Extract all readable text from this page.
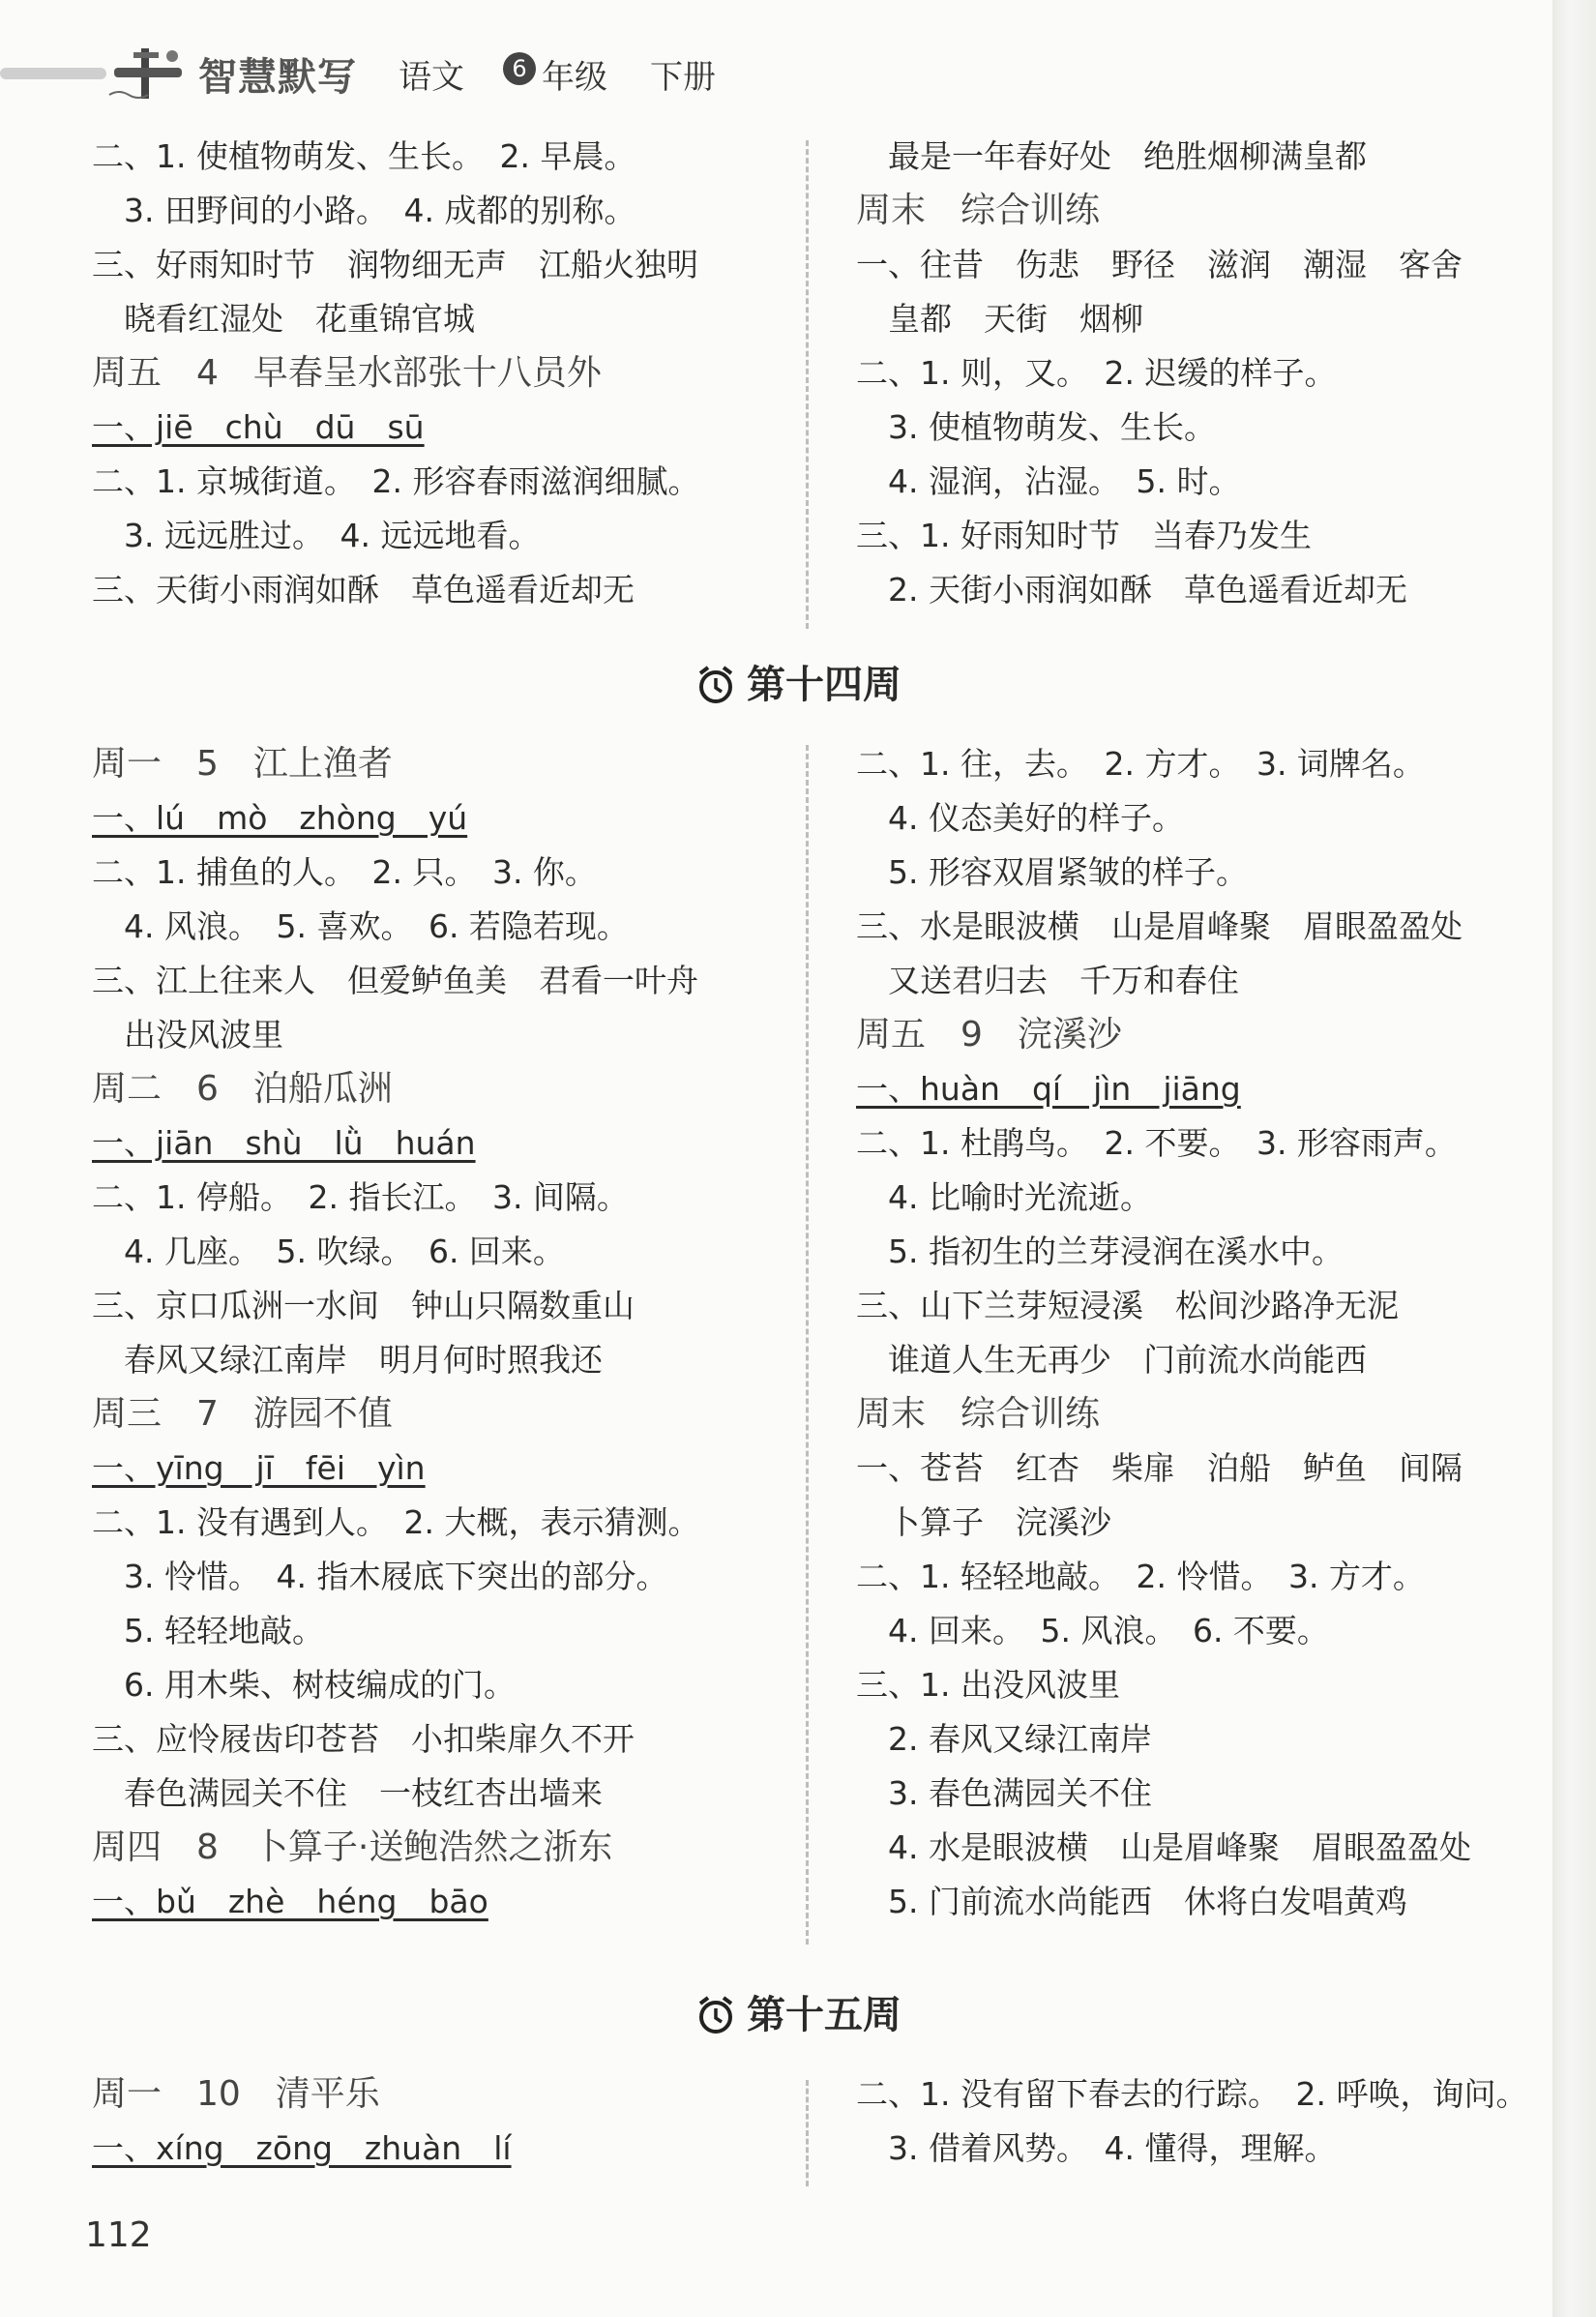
智慧默写 语文	6 年级 下册
二、1. 使植物萌发、生长。　2. 早晨。
　3. 田野间的小路。　4. 成都的别称。
三、好雨知时节　润物细无声　江船火独明
　晓看红湿处　花重锦官城
周五　4　早春呈水部张十八员外
一、jiē　chù　dū　sū
二、1. 京城街道。　2. 形容春雨滋润细腻。
　3. 远远胜过。　4. 远远地看。
三、天街小雨润如酥　草色遥看近却无
　最是一年春好处　绝胜烟柳满皇都
周末　综合训练
一、往昔　伤悲　野径　滋润　潮湿　客舍
　皇都　天街　烟柳
二、1. 则，又。　2. 迟缓的样子。
　3. 使植物萌发、生长。
　4. 湿润，沾湿。　5. 时。
三、1. 好雨知时节　当春乃发生
　2. 天街小雨润如酥　草色遥看近却无
第十四周
周一　5　江上渔者
一、lú　mò　zhòng　yú
二、1. 捕鱼的人。　2. 只。　3. 你。
　4. 风浪。　5. 喜欢。　6. 若隐若现。
三、江上往来人　但爱鲈鱼美　君看一叶舟
　出没风波里
周二　6　泊船瓜洲
一、jiān　shù　lǜ　huán
二、1. 停船。　2. 指长江。　3. 间隔。
　4. 几座。　5. 吹绿。　6. 回来。
三、京口瓜洲一水间　钟山只隔数重山
　春风又绿江南岸　明月何时照我还
周三　7　游园不值
一、yīng　jī　fēi　yìn
二、1. 没有遇到人。　2. 大概，表示猜测。
　3. 怜惜。　4. 指木屐底下突出的部分。
　5. 轻轻地敲。
　6. 用木柴、树枝编成的门。
三、应怜屐齿印苍苔　小扣柴扉久不开
　春色满园关不住　一枝红杏出墙来
周四　8　卜算子·送鲍浩然之浙东
一、bǔ　zhè　héng　bāo
二、1. 往，去。　2. 方才。　3. 词牌名。
　4. 仪态美好的样子。
　5. 形容双眉紧皱的样子。
三、水是眼波横　山是眉峰聚　眉眼盈盈处
　又送君归去　千万和春住
周五　9　浣溪沙
一、huàn　qí　jìn　jiāng
二、1. 杜鹃鸟。　2. 不要。　3. 形容雨声。
　4. 比喻时光流逝。
　5. 指初生的兰芽浸润在溪水中。
三、山下兰芽短浸溪　松间沙路净无泥
　谁道人生无再少　门前流水尚能西
周末　综合训练
一、苍苔　红杏　柴扉　泊船　鲈鱼　间隔
　卜算子　浣溪沙
二、1. 轻轻地敲。　2. 怜惜。　3. 方才。
　4. 回来。　5. 风浪。　6. 不要。
三、1. 出没风波里
　2. 春风又绿江南岸
　3. 春色满园关不住
　4. 水是眼波横　山是眉峰聚　眉眼盈盈处
　5. 门前流水尚能西　休将白发唱黄鸡
第十五周
周一　10　清平乐
一、xíng　zōng　zhuàn　lí
二、1. 没有留下春去的行踪。　2. 呼唤，询问。
　3. 借着风势。　4. 懂得，理解。
112
